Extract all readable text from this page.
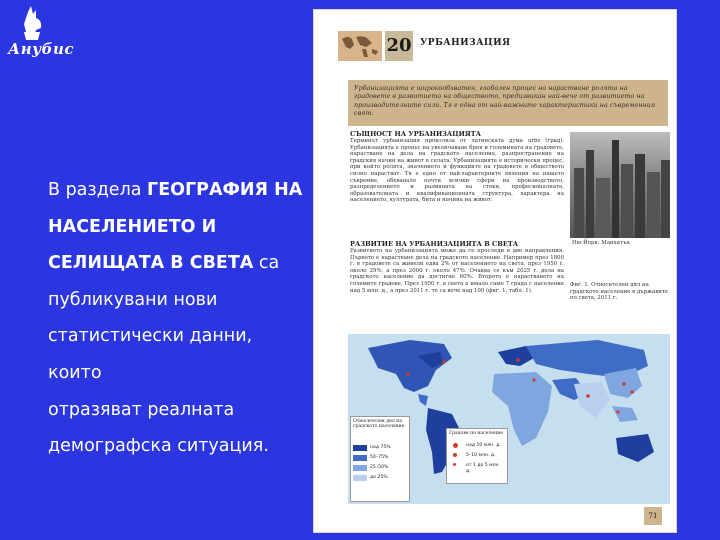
Анубис
В раздела ГЕОГРАФИЯ НА
НАСЕЛЕНИЕТО И
СЕЛИЩАТА В СВЕТА са
публикувани нови
статистически данни, които
отразяват реалната
демографска ситуация.
20 УРБАНИЗАЦИЯ
Урбанизацията е широкообхватен, глобален процес на нарастване ролята на градовете в развитието на обществото, предизвикан най-вече от развитието на производителните сили. Тя е една от най-важните характеристики на съвременния свят.
СЪЩНОСТ НА УРБАНИЗАЦИЯТА
Терминът урбанизация произлиза от латинската дума urbs (град). Урбанизацията е процес на увеличаване броя и големината на градовете, нарастване на дела на градското население, разпространение на градския начин на живот в селата. Урбанизацията е исторически процес, при който ролята, значението и функциите на градовете в обществото силно нарастват. Тя е едно от най-характерните явления на нашето съвремие, обхванало почти всички сфери на производството, разпределението и размяната на стоки, професионалната, образователната и квалификационната структура, характера на населението, културата, бита и начина на живот.
РАЗВИТИЕ НА УРБАНИЗАЦИЯТА В СВЕТА
Развитието на урбанизацията може да се проследи в две направления. Първото е нарастване дела на градското население. Например през 1800 г. в градовете са живели едва 2% от населението на света, през 1950 г. около 29%, а през 2000 г. около 47%. Очаква се към 2025 г. дела на градското население да достигне 60%. Второто е нарастването на големите градове. През 1950 г. в света е имало само 7 града с население над 5 млн. д., а през 2011 г. те са вече над 100 (фиг. 1, табл. 1).
Ню Йорк, Манхатън
Фиг. 1. Относителен дял на градското население в държавите по света, 2011 г.
Относителен дял на градското население
над 75%
50–75%
25–50%
до 25%
Градове по население
над 10 млн. д.
5–10 млн. д.
от 1 до 5 млн. д.
71
